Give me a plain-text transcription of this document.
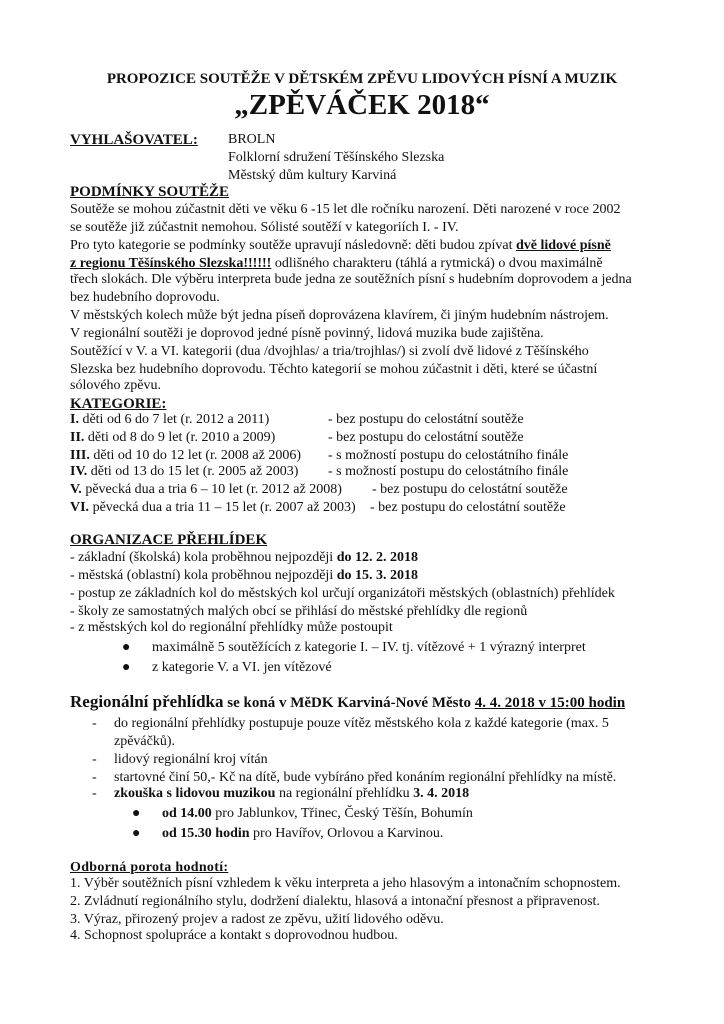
PROPOZICE SOUTĚŽE V DĚTSKÉM ZPĚVU LIDOVÝCH PÍSNÍ A MUZIK
„ZPĚVÁČEK 2018“
VYHLAŠOVATEL: BROLN
Folklorní sdružení Těšínského Slezska
Městský dům kultury Karviná
PODMÍNKY SOUTĚŽE
Soutěže se mohou zúčastnit děti ve věku 6 -15 let dle ročníku narození. Děti narozené v roce 2002
se soutěže již zúčastnit nemohou. Sólisté soutěží v kategoriích I. - IV.
Pro tyto kategorie se podmínky soutěže upravují následovně: děti budou zpívat dvě lidové písně
z regionu Těšínského Slezska!!!!!! odlišného charakteru (táhlá a rytmická) o dvou maximálně
třech slokách. Dle výběru interpreta bude jedna ze soutěžních písní s hudebním doprovodem a jedna
bez hudebního doprovodu.
V městských kolech může být jedna píseň doprovázena klavírem, či jiným hudebním nástrojem.
V regionální soutěži je doprovod jedné písně povinný, lidová muzika bude zajištěna.
Soutěžící v V. a VI. kategorii (dua /dvojhlas/ a tria/trojhlas/) si zvolí dvě lidové z Těšínského
Slezska bez hudebního doprovodu. Těchto kategorií se mohou zúčastnit i děti, které se účastní
sólového zpěvu.
KATEGORIE:
I. děti od 6 do 7 let (r. 2012 a 2011)	- bez postupu do celostátní soutěže
II. děti od 8 do 9 let (r. 2010 a 2009)	- bez postupu do celostátní soutěže
III. děti od 10 do 12 let (r. 2008 až 2006) - s možností postupu do celostátního finále
IV. děti od 13 do 15 let (r. 2005 až 2003) - s možností postupu do celostátního finále
V. pěvecká dua a tria 6 – 10 let (r. 2012 až 2008) - bez postupu do celostátní soutěže
VI. pěvecká dua a tria 11 – 15 let (r. 2007 až 2003) - bez postupu do celostátní soutěže
ORGANIZACE PŘEHLÍDEK
- základní (školská) kola proběhnou nejpozději do 12. 2. 2018
- městská (oblastní) kola proběhnou nejpozději do 15. 3. 2018
- postup ze základních kol do městských kol určují organizátoři městských (oblastních) přehlídek
- školy ze samostatných malých obcí se přihlásí do městské přehlídky dle regionů
- z městských kol do regionální přehlídky může postoupit
● maximálně 5 soutěžících z kategorie I. – IV. tj. vítězové + 1 výrazný interpret
● z kategorie V. a VI. jen vítězové
Regionální přehlídka se koná v MěDK Karviná-Nové Město 4. 4. 2018 v 15:00 hodin
- do regionální přehlídky postupuje pouze vítěz městského kola z každé kategorie (max. 5
zpěváčků).
- lidový regionální kroj vítán
- startovné činí 50,- Kč na dítě, bude vybíráno před konáním regionální přehlídky na místě.
- zkouška s lidovou muzikou na regionální přehlídku 3. 4. 2018
● od 14.00 pro Jablunkov, Třinec, Český Těšín, Bohumín
● od 15.30 hodin pro Havířov, Orlovou a Karvinou.
Odborná porota hodnotí:
1. Výběr soutěžních písní vzhledem k věku interpreta a jeho hlasovým a intonačním schopnostem.
2. Zvládnutí regionálního stylu, dodržení dialektu, hlasová a intonační přesnost a připravenost.
3. Výraz, přirozený projev a radost ze zpěvu, užití lidového oděvu.
4. Schopnost spolupráce a kontakt s doprovodnou hudbou.
